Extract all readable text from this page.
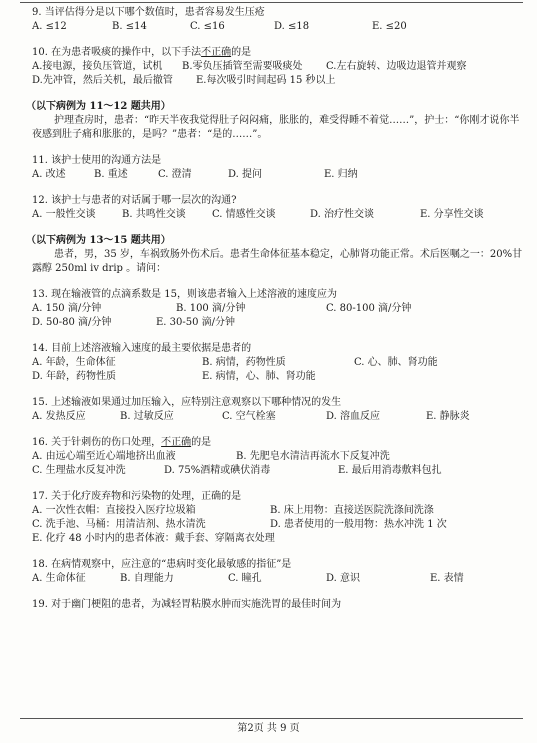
9. 当评估得分是以下哪个数值时，患者容易发生压疮

A. ≤12	B. ≤14	C. ≤16	D. ≤18	E. ≤20

10. 在为患者吸痰的操作中，以下手法不正确的是

A.接电源，接负压管道，试机	B.零负压插管至需要吸痰处	C.左右旋转、边吸边退管并观察
D.先冲管，然后关机，最后撤管	E.每次吸引时间起码 15 秒以上

（以下病例为 11～12 题共用）

护理查房时，患者：“昨天半夜我觉得肚子闷闷痛，胀胀的，难受得睡不着觉……”，护士：“你刚才说你半夜感到肚子痛和胀胀的，是吗？”患者：“是的……”。

11. 该护士使用的沟通方法是

A. 改述	B. 重述	C. 澄清	D. 提问	E. 归纳

12. 该护士与患者的对话属于哪一层次的沟通?

A. 一般性交谈	B. 共鸣性交谈	C. 情感性交谈	D. 治疗性交谈	E. 分享性交谈

（以下病例为 13～15 题共用）

患者，男，35 岁，车祸致肠外伤术后。患者生命体征基本稳定，心肺肾功能正常。术后医嘱之一：20%甘露醇 250ml iv drip 。请问：

13. 现在输液管的点滴系数是 15，则该患者输入上述溶液的速度应为

A. 150 滴/分钟	B. 100 滴/分钟	C. 80-100 滴/分钟
D. 50-80 滴/分钟	E. 30-50 滴/分钟

14. 目前上述溶液输入速度的最主要依据是患者的

A. 年龄，生命体征	B. 病情，药物性质	C. 心、肺、肾功能
D. 年龄，药物性质	E. 病情，心、肺、肾功能

15. 上述输液如果通过加压输入，应特别注意观察以下哪种情况的发生

A. 发热反应	B. 过敏反应	C. 空气栓塞	D. 溶血反应	E. 静脉炎

16. 关于针刺伤的伤口处理，不正确的是

A. 由远心端至近心端地挤出血液	B. 先肥皂水清洁再流水下反复冲洗
C. 生理盐水反复冲洗	D. 75%酒精或碘伏消毒	E. 最后用消毒敷料包扎

17. 关于化疗废弃物和污染物的处理，正确的是

A. 一次性衣帽：直接投入医疗垃圾箱	B. 床上用物：直接送医院洗涤间洗涤
C. 洗手池、马桶：用清洁剂、热水清洗	D. 患者使用的一般用物：热水冲洗 1 次
E. 化疗 48 小时内的患者体液：戴手套、穿隔离衣处理

18. 在病情观察中，应注意的“患病时变化最敏感的指征”是

A. 生命体征	B. 自理能力	C. 瞳孔	D. 意识	E. 表情

19. 对于幽门梗阻的患者，为减轻胃粘膜水肿而实施洗胃的最佳时间为

第2页 共 9 页
